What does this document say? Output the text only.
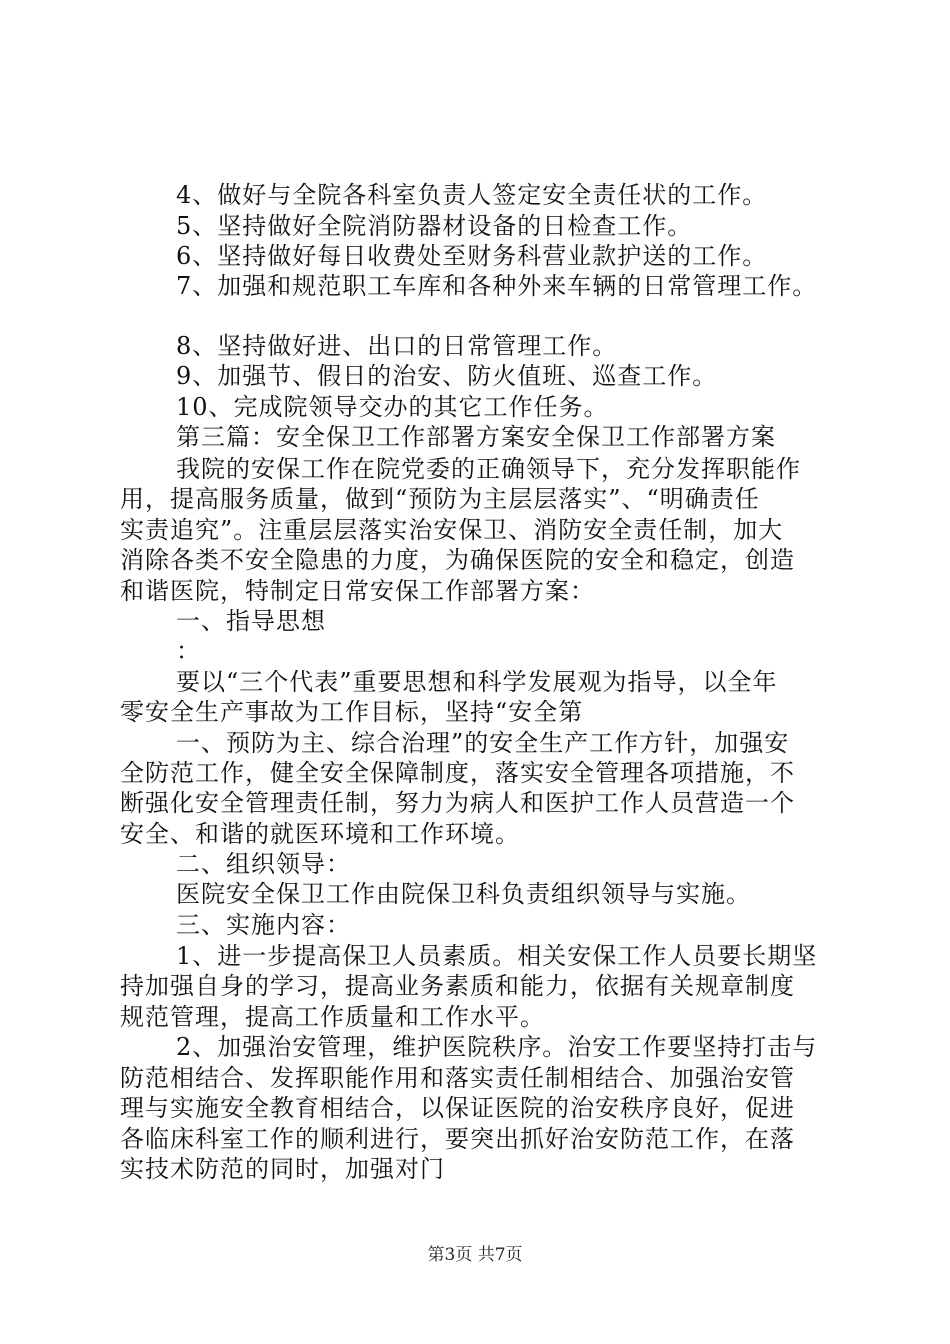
4、做好与全院各科室负责人签定安全责任状的工作。
5、坚持做好全院消防器材设备的日检查工作。
6、坚持做好每日收费处至财务科营业款护送的工作。
7、加强和规范职工车库和各种外来车辆的日常管理工作。
8、坚持做好进、出口的日常管理工作。
9、加强节、假日的治安、防火值班、巡查工作。
10、完成院领导交办的其它工作任务。
第三篇：安全保卫工作部署方案安全保卫工作部署方案
我院的安保工作在院党委的正确领导下，充分发挥职能作
用，提高服务质量，做到“预防为主层层落实”、“明确责任
实责追究”。注重层层落实治安保卫、消防安全责任制，加大
消除各类不安全隐患的力度，为确保医院的安全和稳定，创造
和谐医院，特制定日常安保工作部署方案：
一、指导思想
：
要以“三个代表”重要思想和科学发展观为指导，以全年
零安全生产事故为工作目标，坚持“安全第
一、预防为主、综合治理”的安全生产工作方针，加强安
全防范工作，健全安全保障制度，落实安全管理各项措施，不
断强化安全管理责任制，努力为病人和医护工作人员营造一个
安全、和谐的就医环境和工作环境。
二、组织领导：
医院安全保卫工作由院保卫科负责组织领导与实施。
三、实施内容：
1、进一步提高保卫人员素质。相关安保工作人员要长期坚
持加强自身的学习，提高业务素质和能力，依据有关规章制度
规范管理，提高工作质量和工作水平。
2、加强治安管理，维护医院秩序。治安工作要坚持打击与
防范相结合、发挥职能作用和落实责任制相结合、加强治安管
理与实施安全教育相结合，以保证医院的治安秩序良好，促进
各临床科室工作的顺利进行，要突出抓好治安防范工作，在落
实技术防范的同时，加强对门
第3页 共7页
